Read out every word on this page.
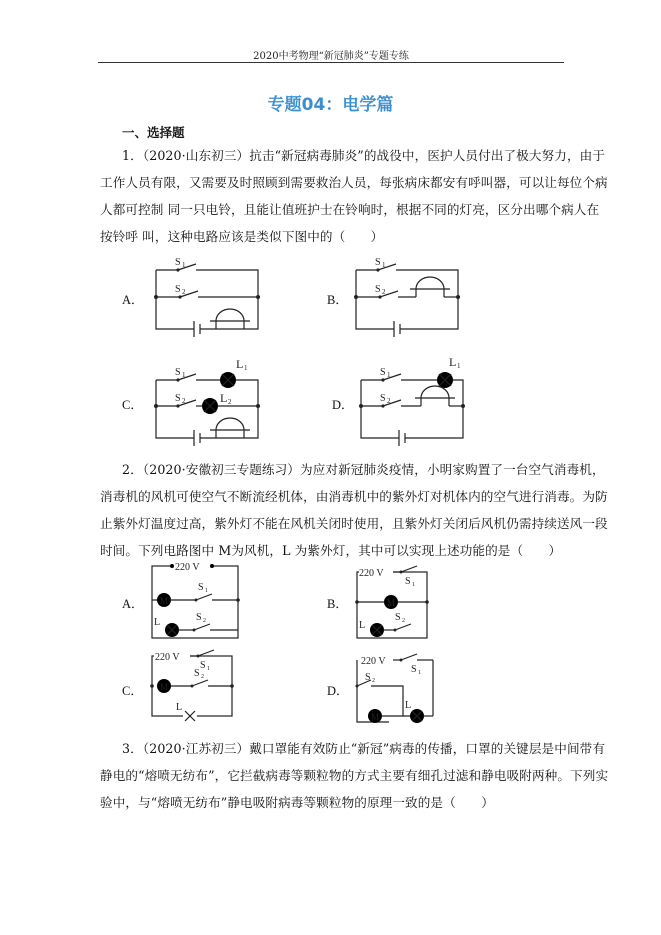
2020中考物理“新冠肺炎”专题专练
专题04：电学篇
一、选择题
1．（2020·山东初三）抗击“新冠病毒肺炎”的战役中，医护人员付出了极大努力，由于
工作人员有限，又需要及时照顾到需要救治人员，每张病床都安有呼叫器，可以让每位个病
人都可控制 同一只电铃，且能让值班护士在铃响时，根据不同的灯亮，区分出哪个病人在
按铃呼 叫，这种电路应该是类似下图中的（　　）
A．	B．
C．	D．
S 1
S 2
S 1
S 2
S 1
S 2
L 1
L 2
S 1
S 2
L 1
2．（2020·安徽初三专题练习）为应对新冠肺炎疫情，小明家购置了一台空气消毒机，
消毒机的风机可使空气不断流经机体，由消毒机中的紫外灯对机体内的空气进行消毒。为防
止紫外灯温度过高，紫外灯不能在风机关闭时使用，且紫外灯关闭后风机仍需持续送风一段
时间。下列电路图中 M为风机，L 为紫外灯，其中可以实现上述功能的是（　　）
A．	B．
C．	D．
220 V
M
S 1
L	S 2
220 V
S 1
M
L
S 2
220 V
S 1
M
S 2
L
220 V
S 1
S 2
M
L
3．（2020·江苏初三）戴口罩能有效防止“新冠”病毒的传播，口罩的关键层是中间带有
静电的“熔喷无纺布”，它拦截病毒等颗粒物的方式主要有细孔过滤和静电吸附两种。下列实
验中，与“熔喷无纺布”静电吸附病毒等颗粒物的原理一致的是（　　）
